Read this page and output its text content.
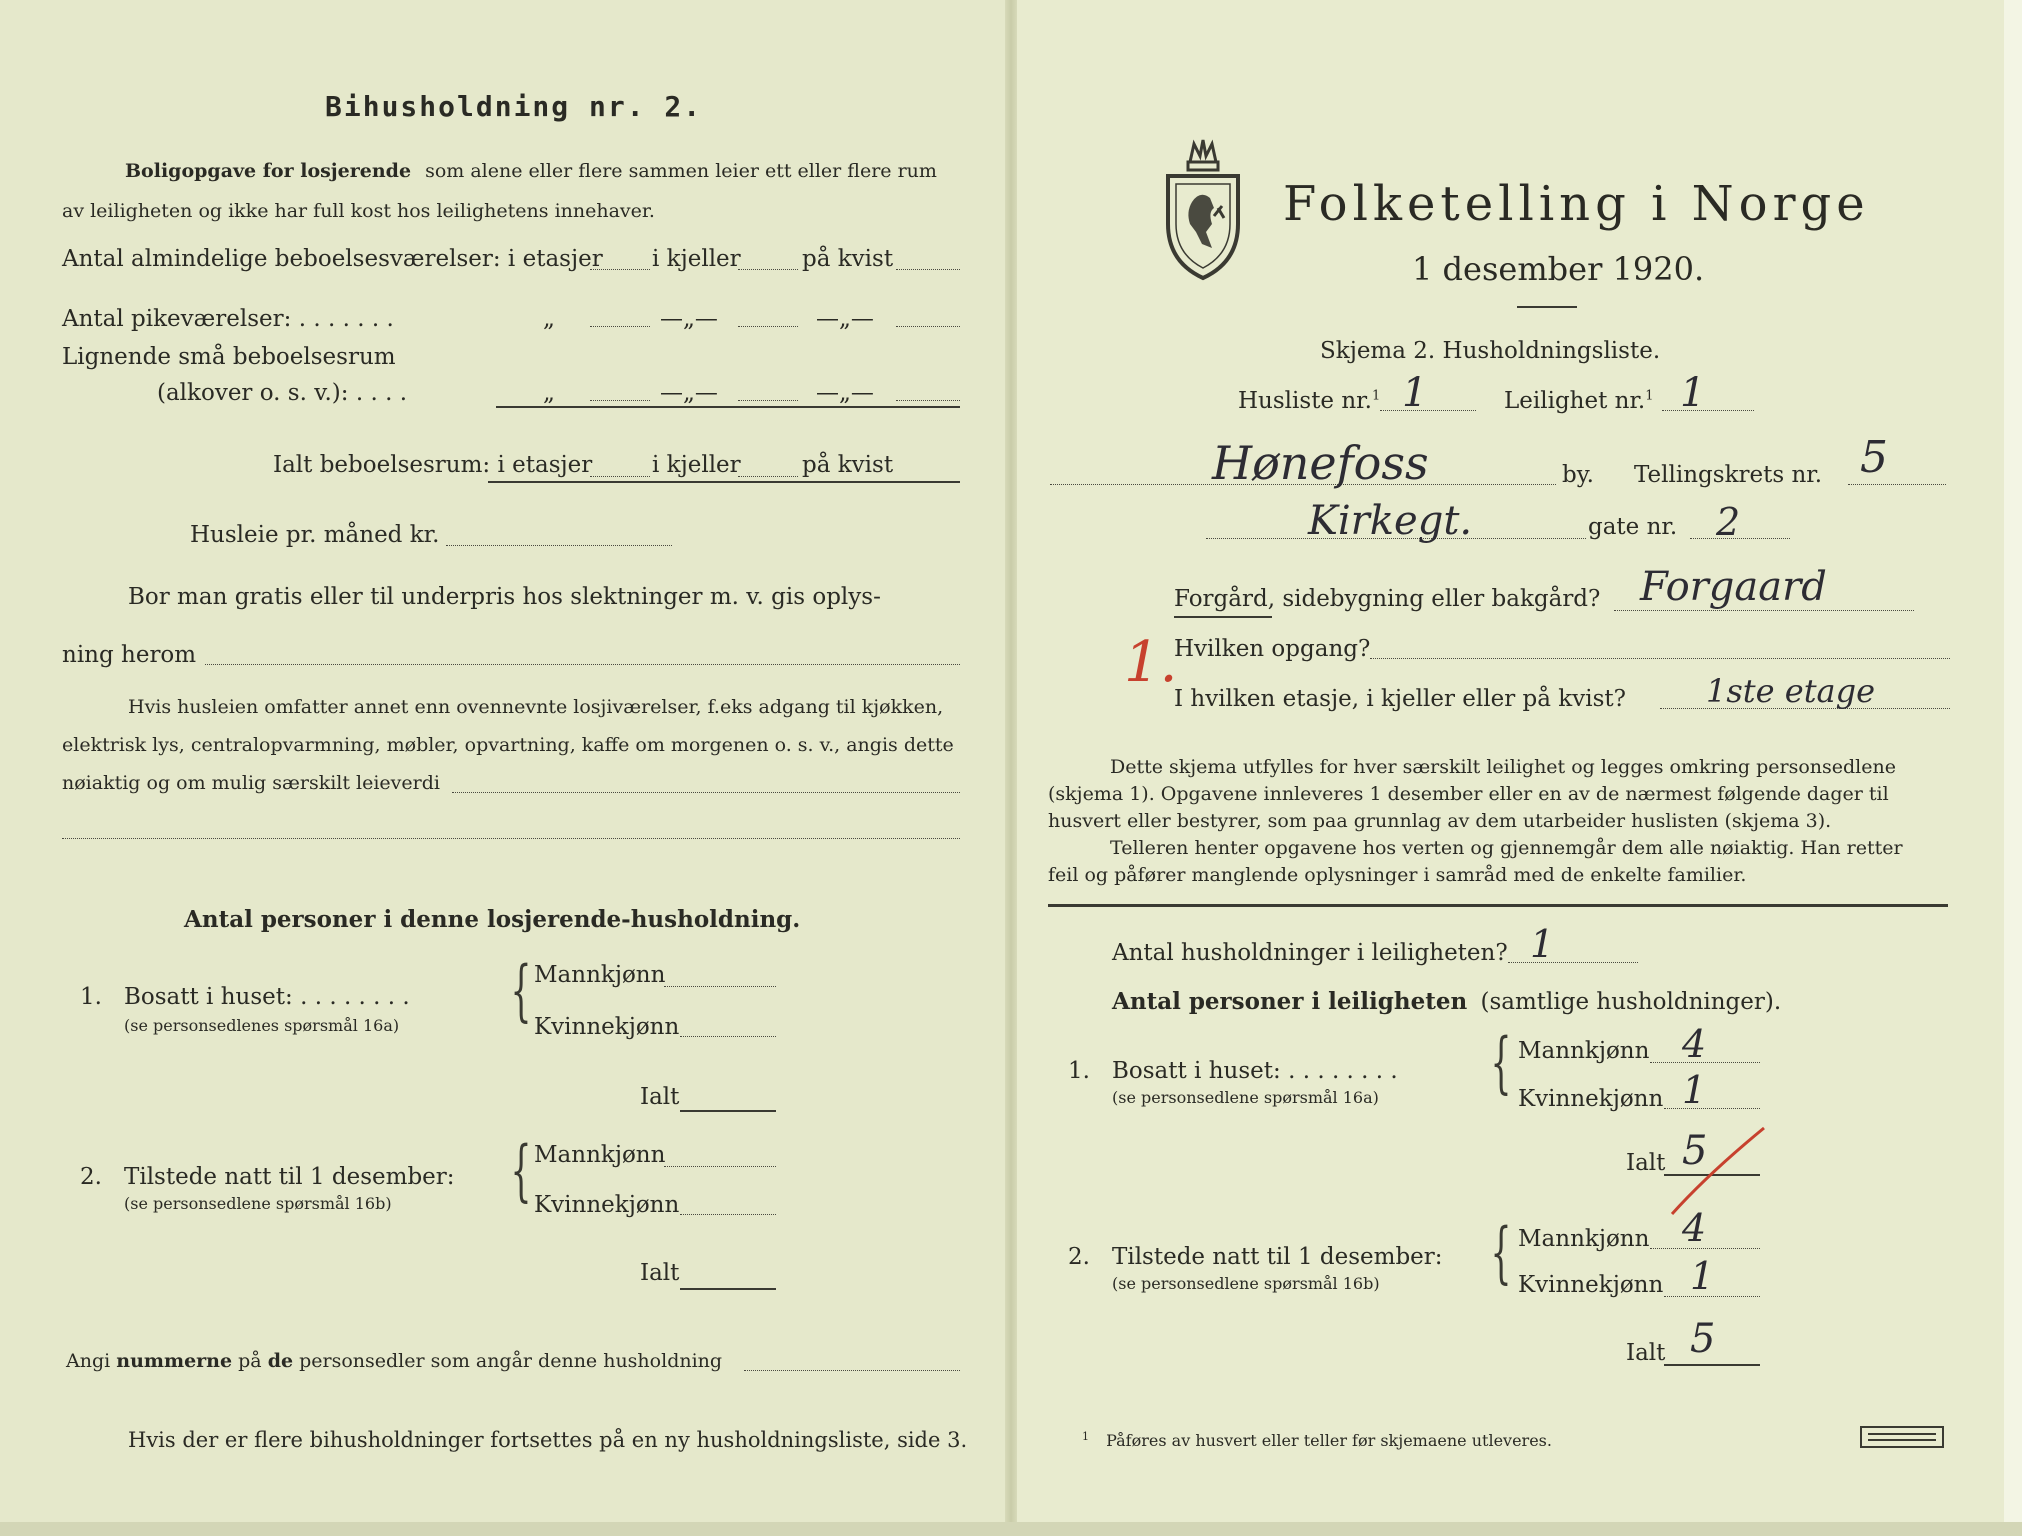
Bihusholdning nr. 2.
Boligopgave for losjerende som alene eller flere sammen leier ett eller flere rum
av leiligheten og ikke har full kost hos leilighetens innehaver.
Antal almindelige beboelsesværelser: i etasjer i kjeller	på kvist
Antal pikeværelser: . . . . . . .	„	—„—	—„—
Lignende små beboelsesrum
(alkover o. s. v.): . . . .	„	—„—	—„—
Ialt beboelsesrum: i etasjer	i kjeller	på kvist
Husleie pr. måned kr.
Bor man gratis eller til underpris hos slektninger m. v. gis oplys-
ning herom
Hvis husleien omfatter annet enn ovennevnte losjiværelser, f.eks adgang til kjøkken,
elektrisk lys, centralopvarmning, møbler, opvartning, kaffe om morgenen o. s. v., angis dette
nøiaktig og om mulig særskilt leieverdi
Antal personer i denne losjerende-husholdning.
1. Bosatt i huset: . . . . . . . .
(se personsedlenes spørsmål 16a) { Mannkjønn
Kvinnekjønn
Ialt
2. Tilstede natt til 1 desember:
(se personsedlene spørsmål 16b) { Mannkjønn
Kvinnekjønn
Ialt
Angi nummerne på de personsedler som angår denne husholdning
Hvis der er flere bihusholdninger fortsettes på en ny husholdningsliste, side 3.
Folketelling i Norge
1 desember 1920.
Skjema 2. Husholdningsliste.
Husliste nr.$^1$ 1	Leilighet nr.$^1$ 1
Hønefoss	by. Tellingskrets nr. 5
Kirkegt.	gate nr. 2
Forgård, sidebygning eller bakgård? Forgaard
Hvilken opgang?
1.
I hvilken etasje, i kjeller eller på kvist?	1ste etage
Dette skjema utfylles for hver særskilt leilighet og legges omkring personsedlene
(skjema 1). Opgavene innleveres 1 desember eller en av de nærmest følgende dager til
husvert eller bestyrer, som paa grunnlag av dem utarbeider huslisten (skjema 3).
Telleren henter opgavene hos verten og gjennemgår dem alle nøiaktig. Han retter
feil og påfører manglende oplysninger i samråd med de enkelte familier.
Antal husholdninger i leiligheten? 1
Antal personer i leiligheten (samtlige husholdninger).
1. Bosatt i huset: . . . . . . . .
(se personsedlene spørsmål 16a) { Mannkjønn 4
Kvinnekjønn 1
Ialt 5
2. Tilstede natt til 1 desember:
(se personsedlene spørsmål 16b) { Mannkjønn 4
Kvinnekjønn 1
Ialt 5
$^1$ Påføres av husvert eller teller før skjemaene utleveres.
